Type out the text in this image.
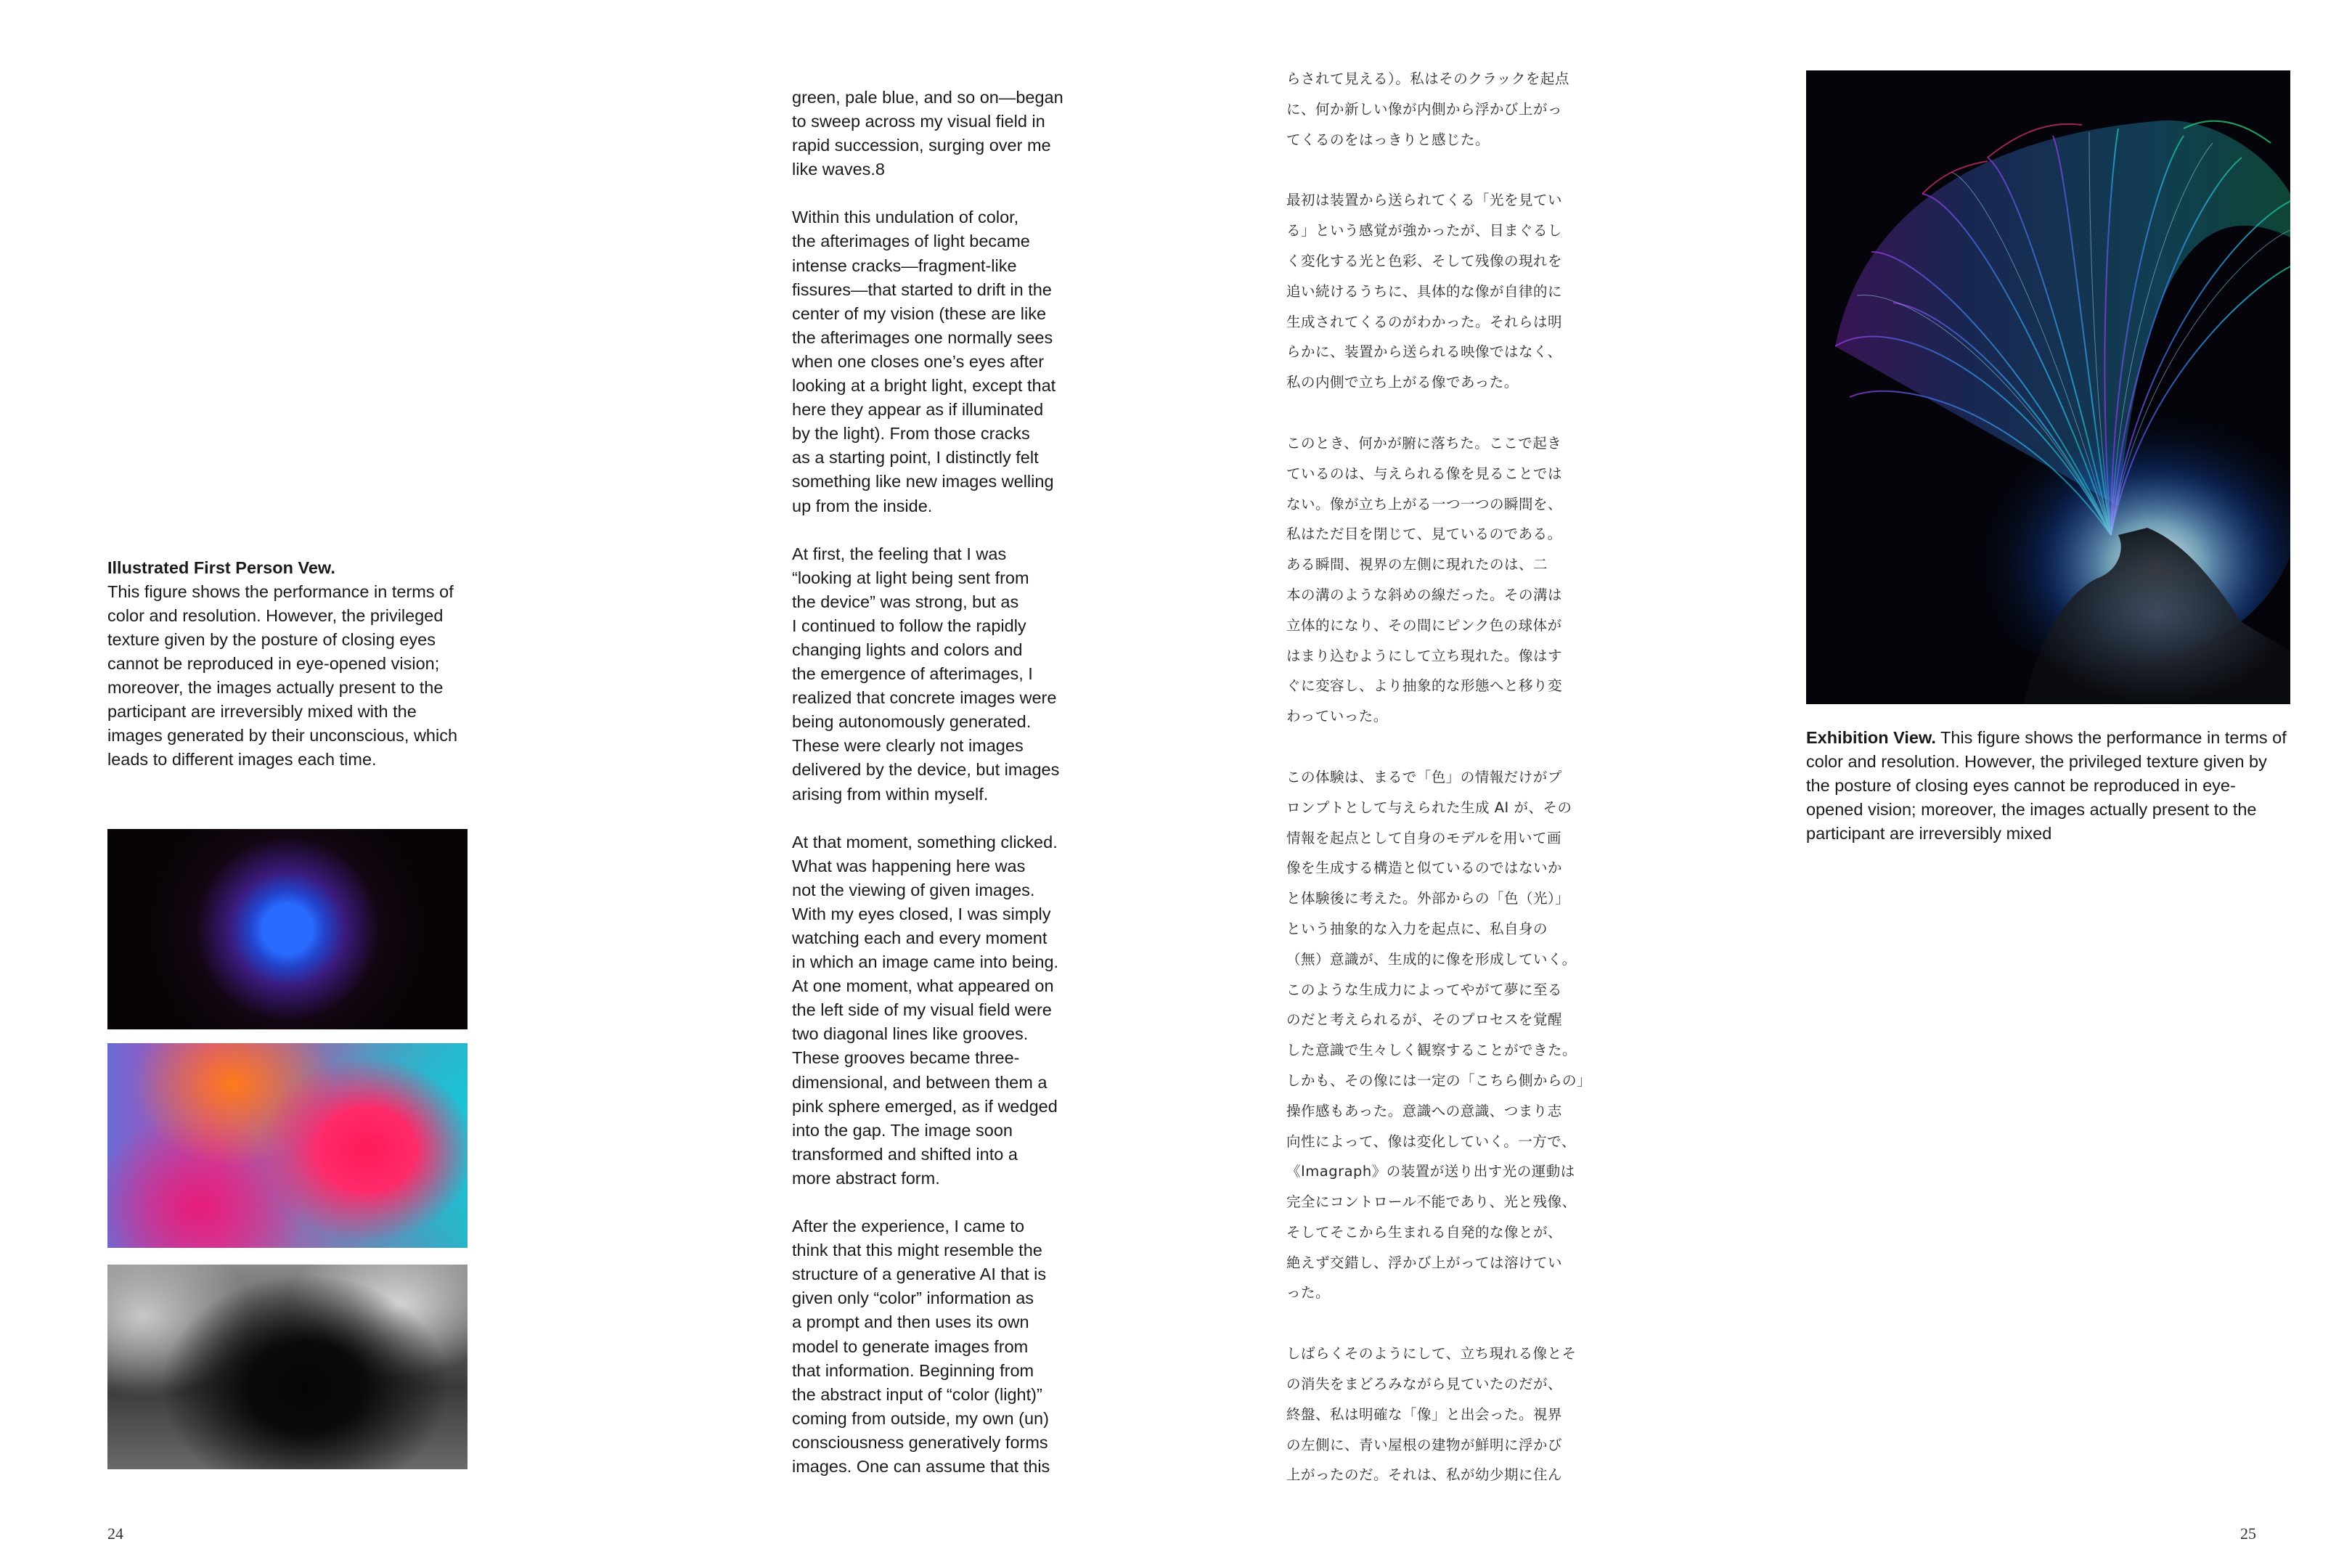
Illustrated First Person Vew.
This figure shows the performance in terms of color and resolution. However, the privileged texture given by the posture of closing eyes cannot be reproduced in eye-opened vision; moreover, the images actually present to the participant are irreversibly mixed with the images generated by their unconscious, which leads to different images each time.
24

green, pale blue, and so on—began
to sweep across my visual field in
rapid succession, surging over me
like waves.8

Within this undulation of color,
the afterimages of light became
intense cracks—fragment-like
fissures—that started to drift in the
center of my vision (these are like
the afterimages one normally sees
when one closes one’s eyes after
looking at a bright light, except that
here they appear as if illuminated
by the light). From those cracks
as a starting point, I distinctly felt
something like new images welling
up from the inside.

At first, the feeling that I was
“looking at light being sent from
the device” was strong, but as
I continued to follow the rapidly
changing lights and colors and
the emergence of afterimages, I
realized that concrete images were
being autonomously generated.
These were clearly not images
delivered by the device, but images
arising from within myself.

At that moment, something clicked.
What was happening here was
not the viewing of given images.
With my eyes closed, I was simply
watching each and every moment
in which an image came into being.
At one moment, what appeared on
the left side of my visual field were
two diagonal lines like grooves.
These grooves became three-
dimensional, and between them a
pink sphere emerged, as if wedged
into the gap. The image soon
transformed and shifted into a
more abstract form.

After the experience, I came to
think that this might resemble the
structure of a generative AI that is
given only “color” information as
a prompt and then uses its own
model to generate images from
that information. Beginning from
the abstract input of “color (light)”
coming from outside, my own (un)
consciousness generatively forms
images. One can assume that this

らされて見える）。私はそのクラックを起点
に、何か新しい像が内側から浮かび上がっ
てくるのをはっきりと感じた。

最初は装置から送られてくる「光を見てい
る」という感覚が強かったが、目まぐるし
く変化する光と色彩、そして残像の現れを
追い続けるうちに、具体的な像が自律的に
生成されてくるのがわかった。それらは明
らかに、装置から送られる映像ではなく、
私の内側で立ち上がる像であった。

このとき、何かが腑に落ちた。ここで起き
ているのは、与えられる像を見ることでは
ない。像が立ち上がる一つ一つの瞬間を、
私はただ目を閉じて、見ているのである。
ある瞬間、視界の左側に現れたのは、二
本の溝のような斜めの線だった。その溝は
立体的になり、その間にピンク色の球体が
はまり込むようにして立ち現れた。像はす
ぐに変容し、より抽象的な形態へと移り変
わっていった。

この体験は、まるで「色」の情報だけがプ
ロンプトとして与えられた生成 AI が、その
情報を起点として自身のモデルを用いて画
像を生成する構造と似ているのではないか
と体験後に考えた。外部からの「色（光）」
という抽象的な入力を起点に、私自身の
（無）意識が、生成的に像を形成していく。
このような生成力によってやがて夢に至る
のだと考えられるが、そのプロセスを覚醒
した意識で生々しく観察することができた。
しかも、その像には一定の「こちら側からの」
操作感もあった。意識への意識、つまり志
向性によって、像は変化していく。一方で、
《Imagraph》の装置が送り出す光の運動は
完全にコントロール不能であり、光と残像、
そしてそこから生まれる自発的な像とが、
絶えず交錯し、浮かび上がっては溶けてい
った。

しばらくそのようにして、立ち現れる像とそ
の消失をまどろみながら見ていたのだが、
終盤、私は明確な「像」と出会った。視界
の左側に、青い屋根の建物が鮮明に浮かび
上がったのだ。それは、私が幼少期に住ん

Exhibition View. This figure shows the performance in terms of color and resolution. However, the privileged texture given by the posture of closing eyes cannot be reproduced in eye-opened vision; moreover, the images actually present to the participant are irreversibly mixed
25
